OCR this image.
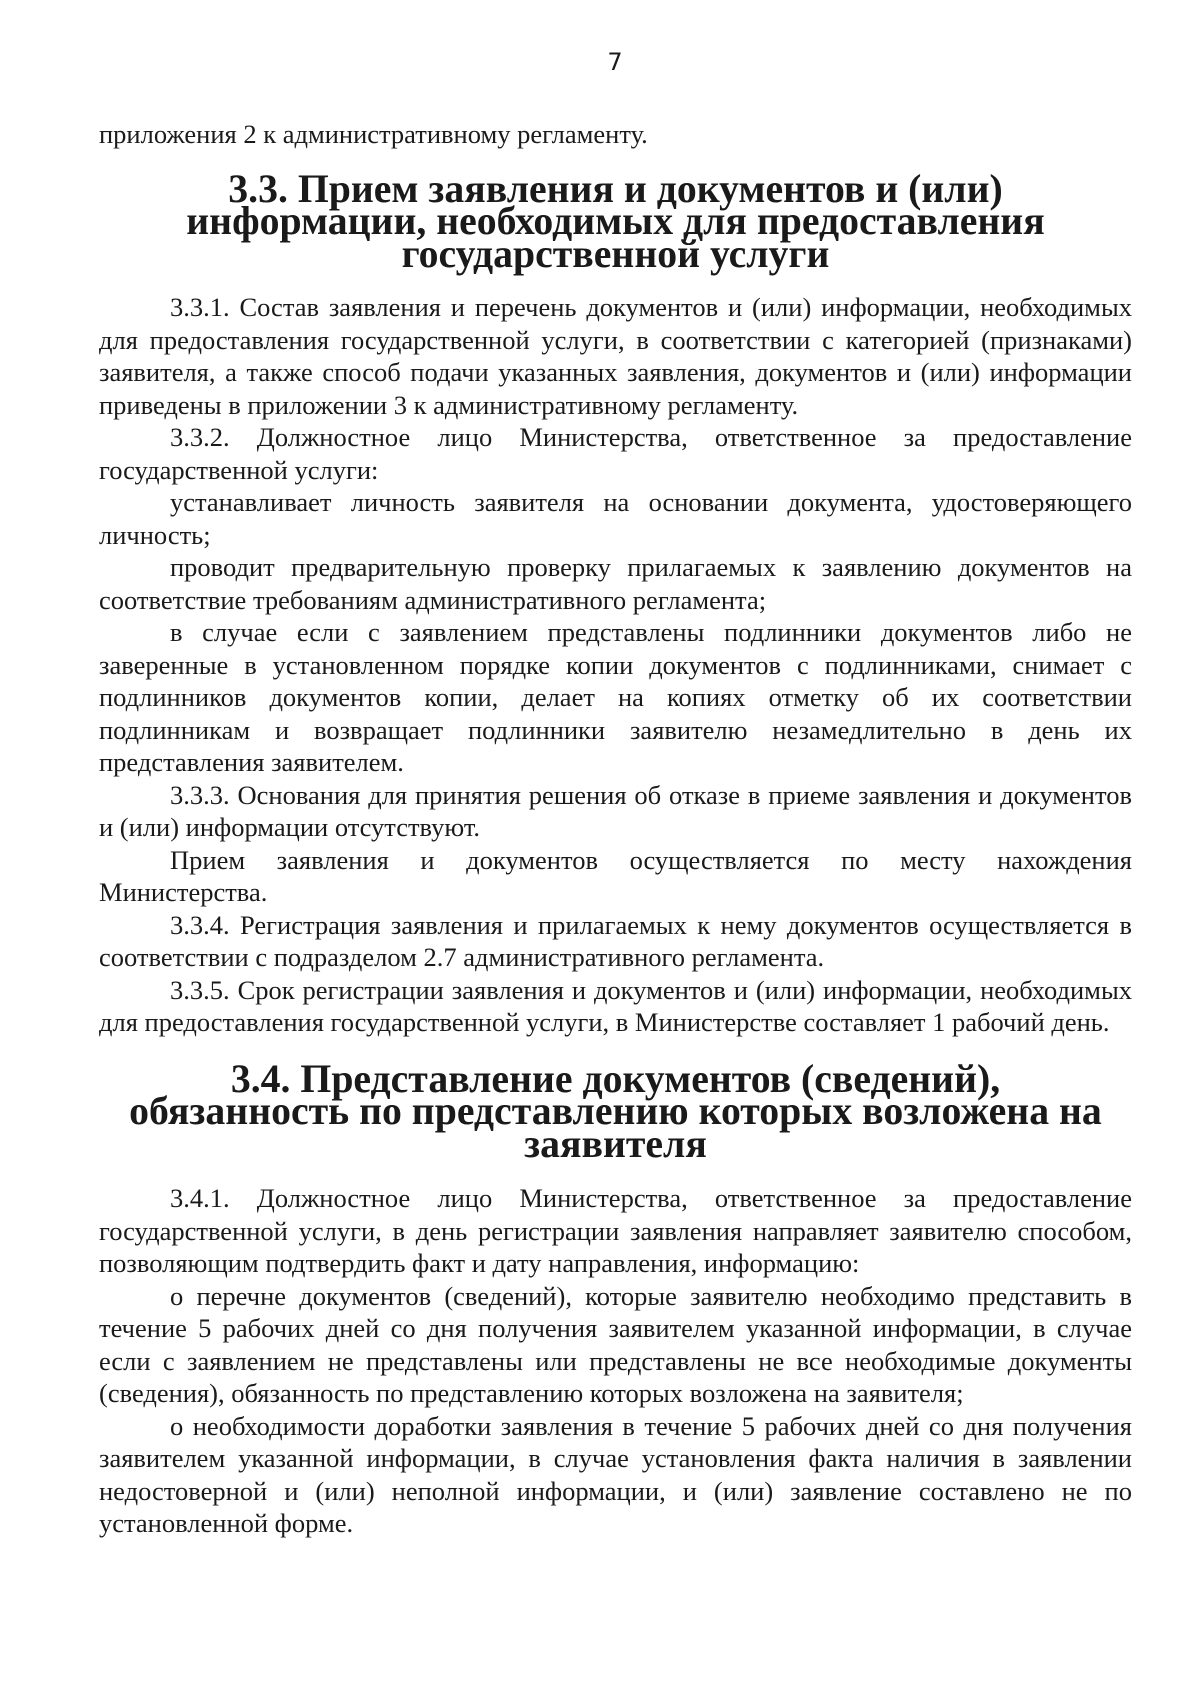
7

приложения 2 к административному регламенту.

3.3. Прием заявления и документов и (или) информации, необходимых для предоставления государственной услуги

3.3.1. Состав заявления и перечень документов и (или) информации, необходимых для предоставления государственной услуги, в соответствии с категорией (признаками) заявителя, а также способ подачи указанных заявления, документов и (или) информации приведены в приложении 3 к административному регламенту.

3.3.2. Должностное лицо Министерства, ответственное за предоставление государственной услуги:

устанавливает личность заявителя на основании документа, удостоверяющего личность;

проводит предварительную проверку прилагаемых к заявлению документов на соответствие требованиям административного регламента;

в случае если с заявлением представлены подлинники документов либо не заверенные в установленном порядке копии документов с подлинниками, снимает с подлинников документов копии, делает на копиях отметку об их соответствии подлинникам и возвращает подлинники заявителю незамедлительно в день их представления заявителем.

3.3.3. Основания для принятия решения об отказе в приеме заявления и документов и (или) информации отсутствуют.

Прием заявления и документов осуществляется по месту нахождения Министерства.

3.3.4. Регистрация заявления и прилагаемых к нему документов осуществляется в соответствии с подразделом 2.7 административного регламента.

3.3.5. Срок регистрации заявления и документов и (или) информации, необходимых для предоставления государственной услуги, в Министерстве составляет 1 рабочий день.

3.4. Представление документов (сведений), обязанность по представлению которых возложена на заявителя

3.4.1. Должностное лицо Министерства, ответственное за предоставление государственной услуги, в день регистрации заявления направляет заявителю способом, позволяющим подтвердить факт и дату направления, информацию:

о перечне документов (сведений), которые заявителю необходимо представить в течение 5 рабочих дней со дня получения заявителем указанной информации, в случае если с заявлением не представлены или представлены не все необходимые документы (сведения), обязанность по представлению которых возложена на заявителя;

о необходимости доработки заявления в течение 5 рабочих дней со дня получения заявителем указанной информации, в случае установления факта наличия в заявлении недостоверной и (или) неполной информации, и (или) заявление составлено не по установленной форме.
